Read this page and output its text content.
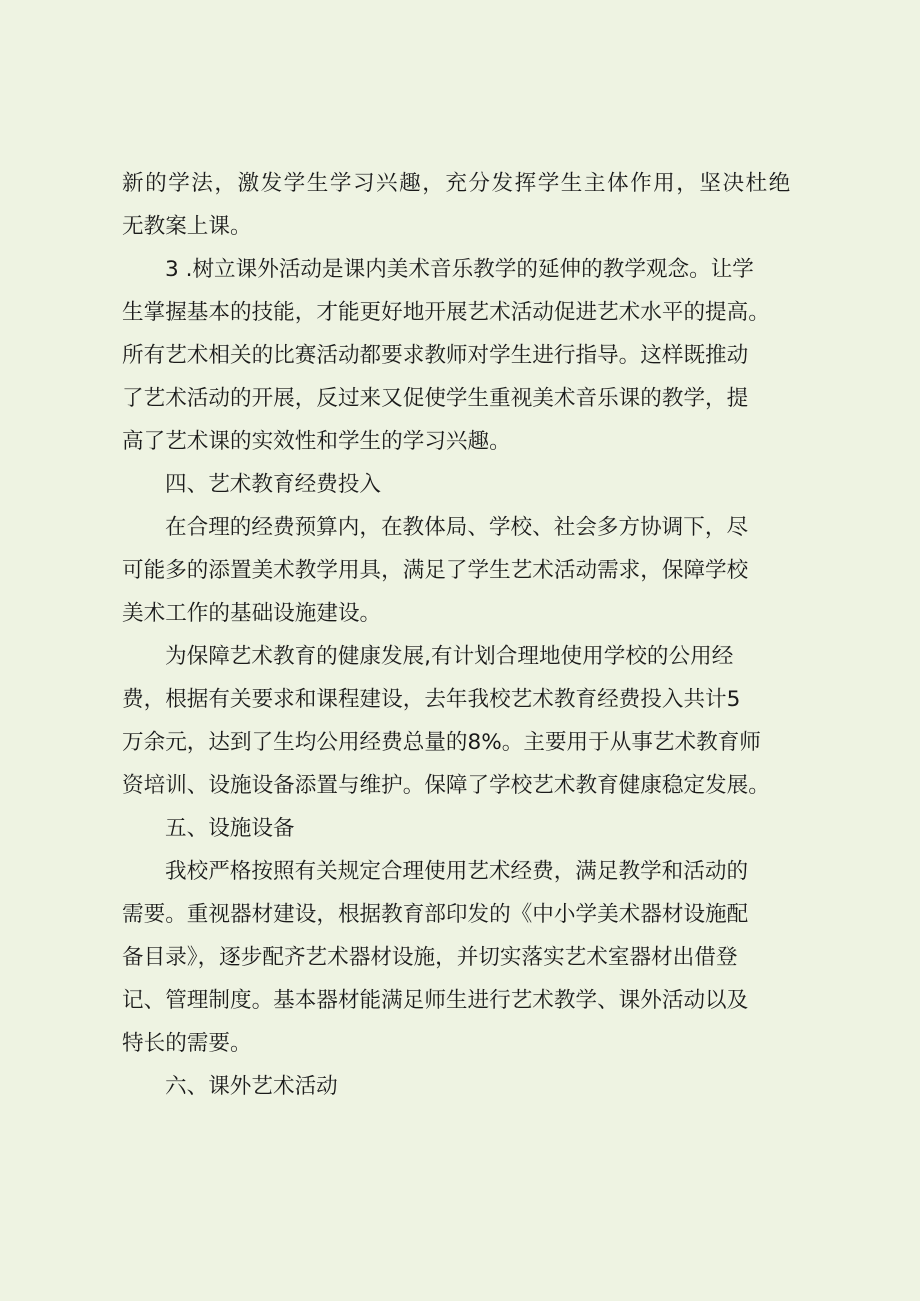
新的学法，激发学生学习兴趣，充分发挥学生主体作用，坚决杜绝
无教案上课。
3 .树立课外活动是课内美术音乐教学的延伸的教学观念。让学
生掌握基本的技能，才能更好地开展艺术活动促进艺术水平的提高。
所有艺术相关的比赛活动都要求教师对学生进行指导。这样既推动
了艺术活动的开展，反过来又促使学生重视美术音乐课的教学，提
高了艺术课的实效性和学生的学习兴趣。
四、艺术教育经费投入
在合理的经费预算内，在教体局、学校、社会多方协调下，尽
可能多的添置美术教学用具，满足了学生艺术活动需求，保障学校
美术工作的基础设施建设。
为保障艺术教育的健康发展,有计划合理地使用学校的公用经
费，根据有关要求和课程建设，去年我校艺术教育经费投入共计5
万余元，达到了生均公用经费总量的8%。主要用于从事艺术教育师
资培训、设施设备添置与维护。保障了学校艺术教育健康稳定发展。
五、设施设备
我校严格按照有关规定合理使用艺术经费，满足教学和活动的
需要。重视器材建设，根据教育部印发的《中小学美术器材设施配
备目录》，逐步配齐艺术器材设施，并切实落实艺术室器材出借登
记、管理制度。基本器材能满足师生进行艺术教学、课外活动以及
特长的需要。
六、课外艺术活动
